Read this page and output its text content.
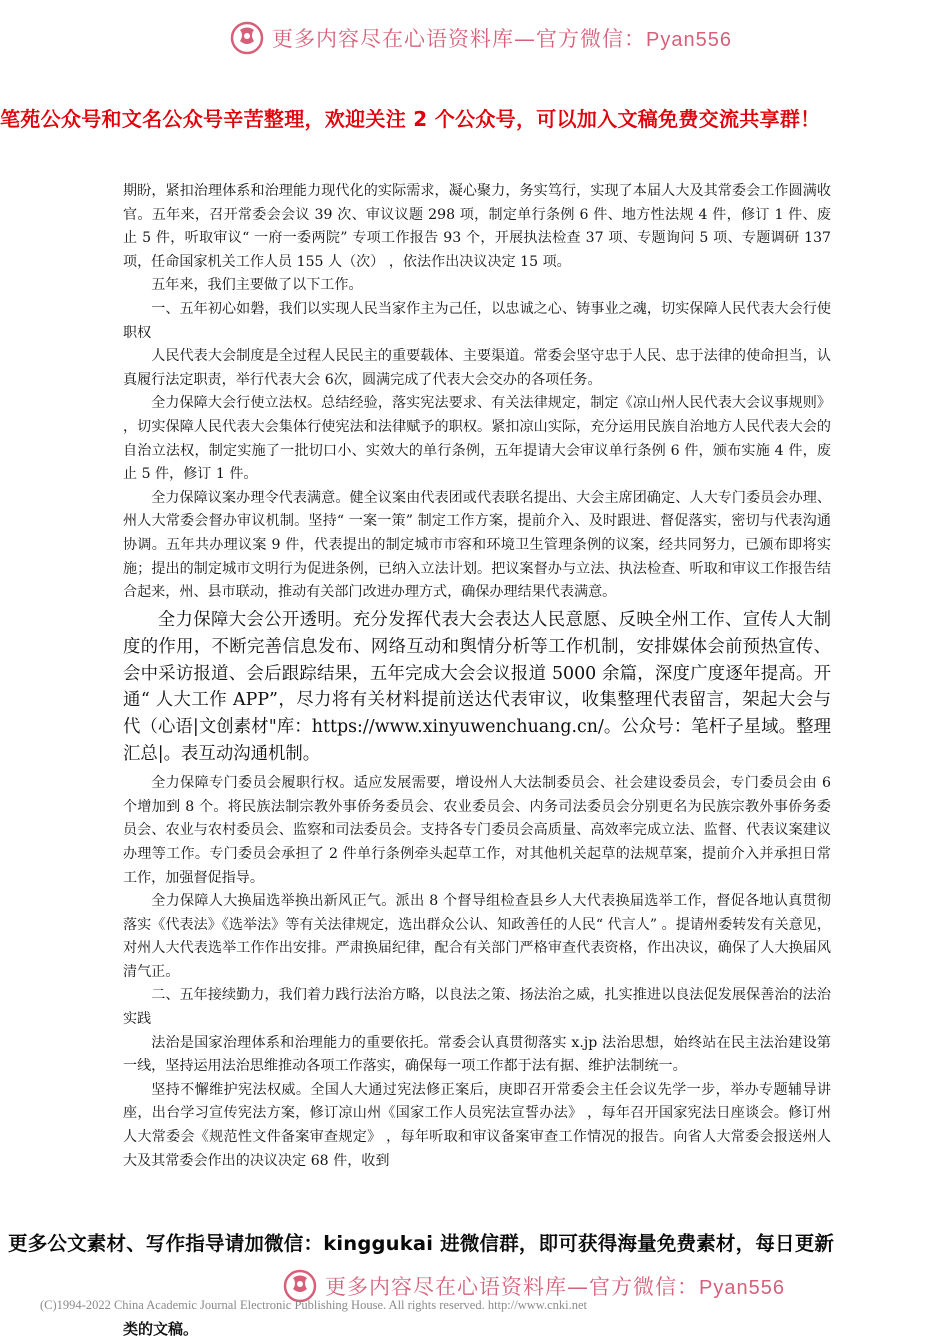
更多内容尽在心语资料库—官方微信：Pyan556
笔苑公众号和文名公众号辛苦整理，欢迎关注 2 个公众号，可以加入文稿免费交流共享群！

期盼，紧扣治理体系和治理能力现代化的实际需求，凝心聚力，务实笃行，实现了本届人大及其常委会工作圆满收官。五年来，召开常委会会议 39 次、审议议题 298 项，制定单行条例 6 件、地方性法规 4 件，修订 1 件、废止 5 件，听取审议“ 一府一委两院” 专项工作报告 93 个，开展执法检查 37 项、专题询问 5 项、专题调研 137 项，任命国家机关工作人员 155 人（次） ，依法作出决议决定 15 项。

五年来，我们主要做了以下工作。

一、五年初心如磐，我们以实现人民当家作主为己任，以忠诚之心、铸事业之魂，切实保障人民代表大会行使职权

人民代表大会制度是全过程人民民主的重要载体、主要渠道。常委会坚守忠于人民、忠于法律的使命担当，认真履行法定职责，举行代表大会 6次，圆满完成了代表大会交办的各项任务。

全力保障大会行使立法权。总结经验，落实宪法要求、有关法律规定，制定《凉山州人民代表大会议事规则》 ，切实保障人民代表大会集体行使宪法和法律赋予的职权。紧扣凉山实际，充分运用民族自治地方人民代表大会的自治立法权，制定实施了一批切口小、实效大的单行条例，五年提请大会审议单行条例 6 件，颁布实施 4 件，废止 5 件，修订 1 件。

全力保障议案办理令代表满意。健全议案由代表团或代表联名提出、大会主席团确定、人大专门委员会办理、州人大常委会督办审议机制。坚持“ 一案一策” 制定工作方案，提前介入、及时跟进、督促落实，密切与代表沟通协调。五年共办理议案 9 件，代表提出的制定城市市容和环境卫生管理条例的议案，经共同努力，已颁布即将实施；提出的制定城市文明行为促进条例，已纳入立法计划。把议案督办与立法、执法检查、听取和审议工作报告结合起来，州、县市联动，推动有关部门改进办理方式，确保办理结果代表满意。

全力保障大会公开透明。充分发挥代表大会表达人民意愿、反映全州工作、宣传人大制度的作用，不断完善信息发布、网络互动和舆情分析等工作机制，安排媒体会前预热宣传、会中采访报道、会后跟踪结果，五年完成大会会议报道 5000 余篇，深度广度逐年提高。开通“ 人大工作 APP”，尽力将有关材料提前送达代表审议，收集整理代表留言，架起大会与代（心语|文创素材"库：https://www.xinyuwenchuang.cn/。公众号：笔杆子星域。整理汇总|。表互动沟通机制。

全力保障专门委员会履职行权。适应发展需要，增设州人大法制委员会、社会建设委员会，专门委员会由 6 个增加到 8 个。将民族法制宗教外事侨务委员会、农业委员会、内务司法委员会分别更名为民族宗教外事侨务委员会、农业与农村委员会、监察和司法委员会。支持各专门委员会高质量、高效率完成立法、监督、代表议案建议办理等工作。专门委员会承担了 2 件单行条例牵头起草工作，对其他机关起草的法规草案，提前介入并承担日常工作，加强督促指导。

全力保障人大换届选举换出新风正气。派出 8 个督导组检查县乡人大代表换届选举工作，督促各地认真贯彻落实《代表法》《选举法》等有关法律规定，选出群众公认、知政善任的人民“ 代言人” 。提请州委转发有关意见，对州人大代表选举工作作出安排。严肃换届纪律，配合有关部门严格审查代表资格，作出决议，确保了人大换届风清气正。

二、五年接续勤力，我们着力践行法治方略，以良法之策、扬法治之威，扎实推进以良法促发展保善治的法治实践

法治是国家治理体系和治理能力的重要依托。常委会认真贯彻落实 x.jp 法治思想，始终站在民主法治建设第一线，坚持运用法治思维推动各项工作落实，确保每一项工作都于法有据、维护法制统一。

坚持不懈维护宪法权威。全国人大通过宪法修正案后，庚即召开常委会主任会议先学一步，举办专题辅导讲座，出台学习宣传宪法方案，修订凉山州《国家工作人员宪法宣誓办法》 ，每年召开国家宪法日座谈会。修订州人大常委会《规范性文件备案审查规定》 ，每年听取和审议备案审查工作情况的报告。向省人大常委会报送州人大及其常委会作出的决议决定 68 件，收到

更多公文素材、写作指导请加微信：kinggukai 进微信群，即可获得海量免费素材，每日更新
更多内容尽在心语资料库—官方微信：Pyan556
(C)1994-2022 China Academic Journal Electronic Publishing House. All rights reserved. http://www.cnki.net
类的文稿。
